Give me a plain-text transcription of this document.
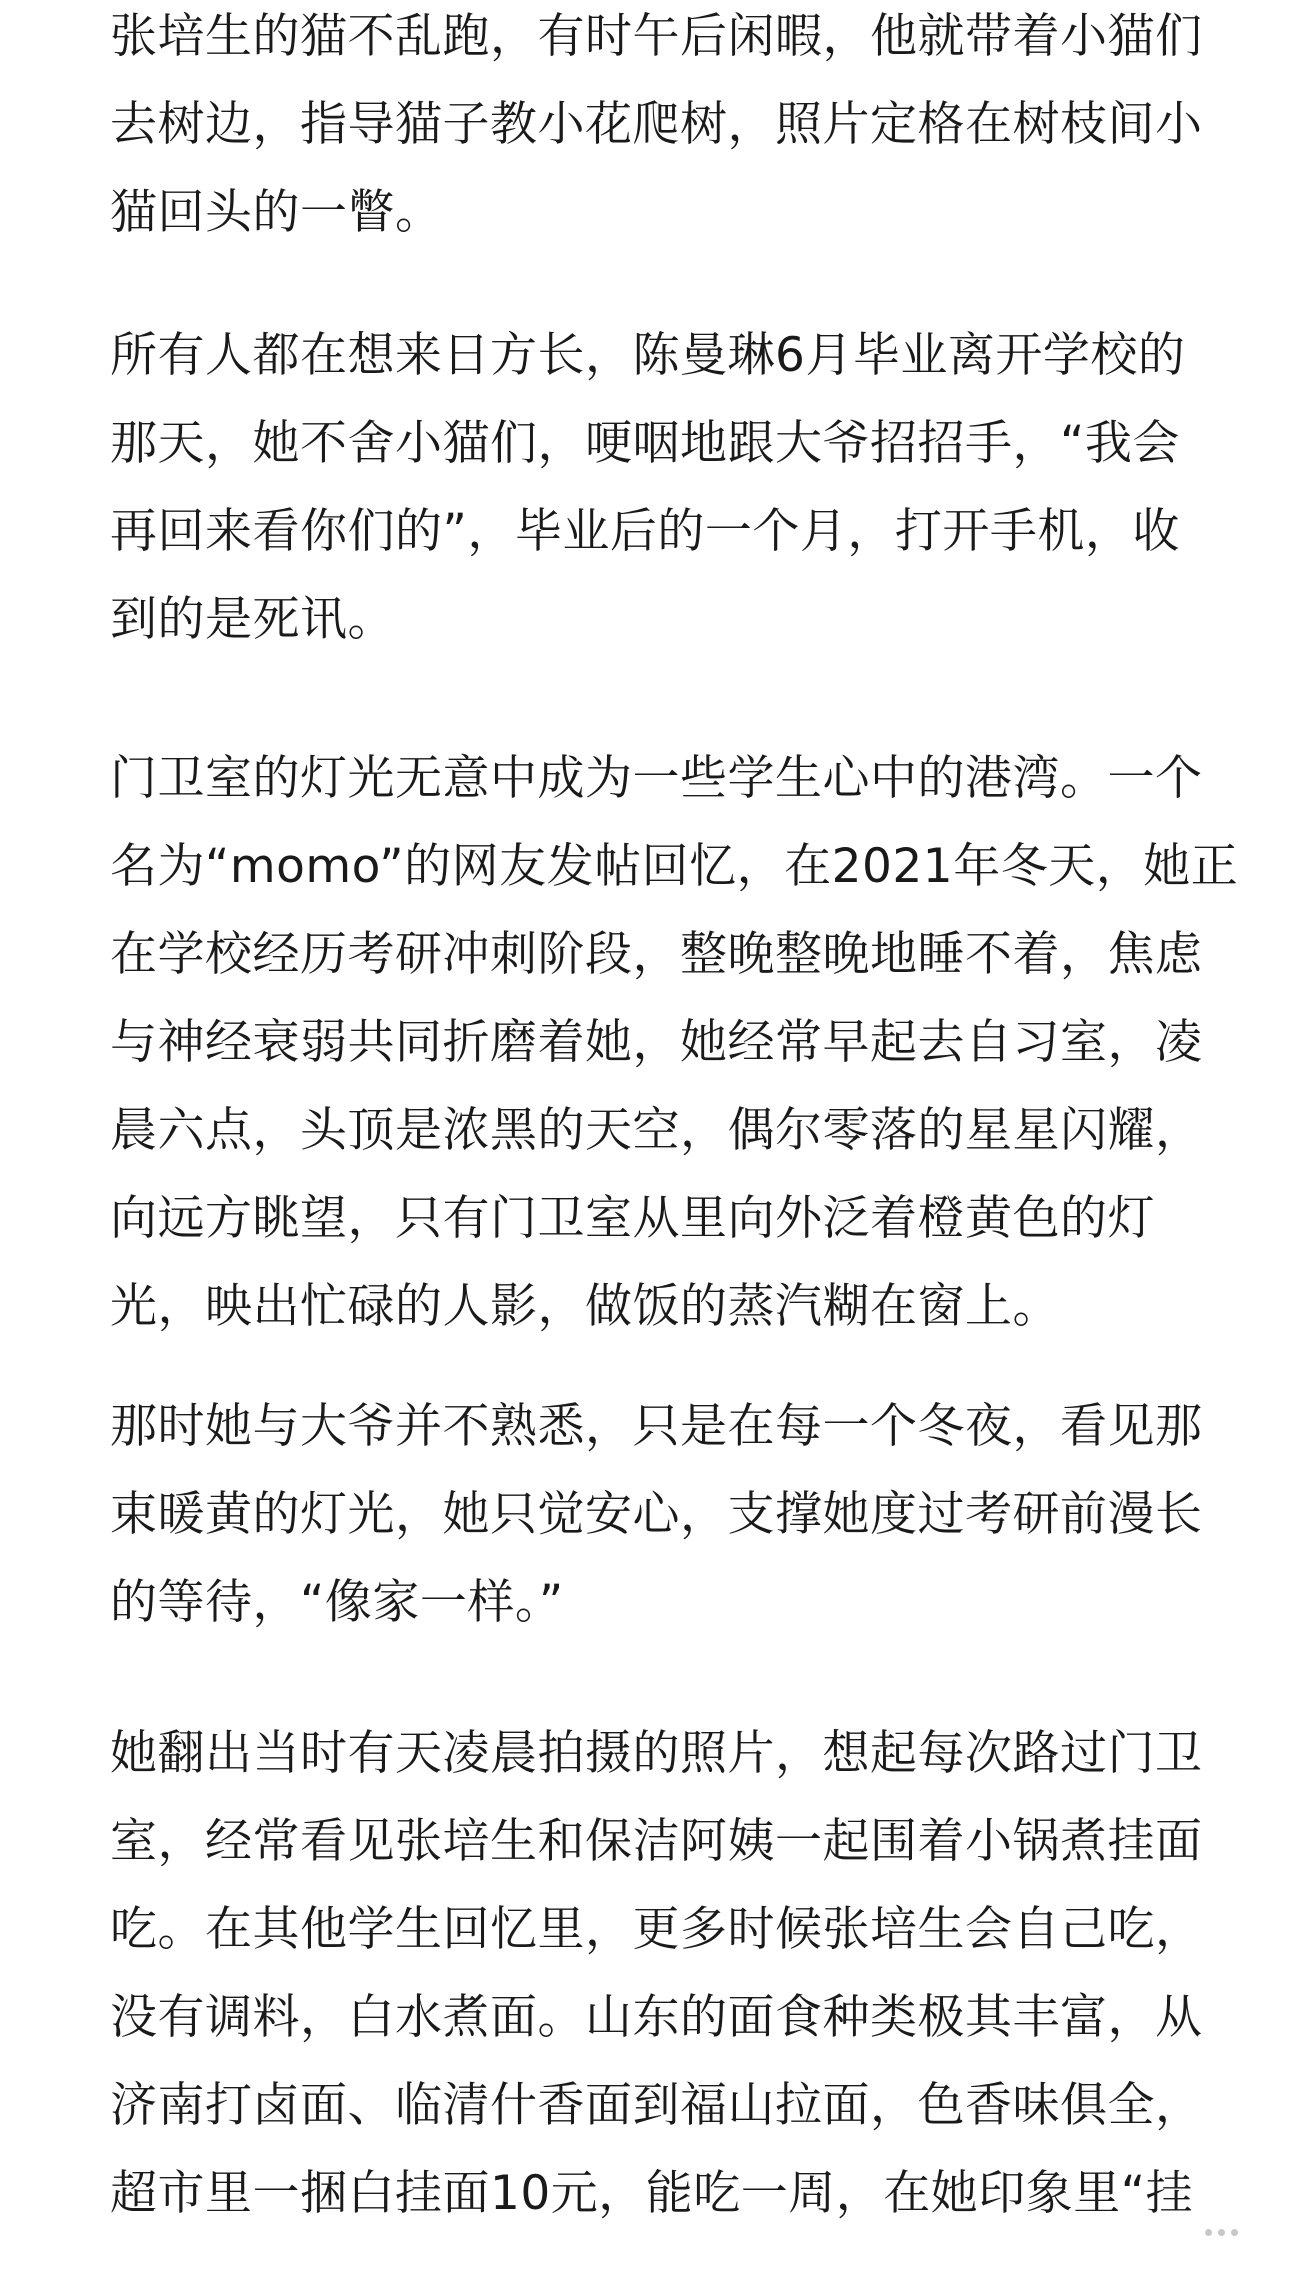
张培生的猫不乱跑，有时午后闲暇，他就带着小猫们
去树边，指导猫子教小花爬树，照片定格在树枝间小
猫回头的一瞥。
所有人都在想来日方长，陈曼琳6月毕业离开学校的
那天，她不舍小猫们，哽咽地跟大爷招招手，“我会
再回来看你们的”，毕业后的一个月，打开手机，收
到的是死讯。
门卫室的灯光无意中成为一些学生心中的港湾。一个
名为“momo”的网友发帖回忆，在2021年冬天，她正
在学校经历考研冲刺阶段，整晚整晚地睡不着，焦虑
与神经衰弱共同折磨着她，她经常早起去自习室，凌
晨六点，头顶是浓黑的天空，偶尔零落的星星闪耀，
向远方眺望，只有门卫室从里向外泛着橙黄色的灯
光，映出忙碌的人影，做饭的蒸汽糊在窗上。
那时她与大爷并不熟悉，只是在每一个冬夜，看见那
束暖黄的灯光，她只觉安心，支撑她度过考研前漫长
的等待，“像家一样。”
她翻出当时有天凌晨拍摄的照片，想起每次路过门卫
室，经常看见张培生和保洁阿姨一起围着小锅煮挂面
吃。在其他学生回忆里，更多时候张培生会自己吃，
没有调料，白水煮面。山东的面食种类极其丰富，从
济南打卤面、临清什香面到福山拉面，色香味俱全，
超市里一捆白挂面10元，能吃一周，在她印象里“挂
